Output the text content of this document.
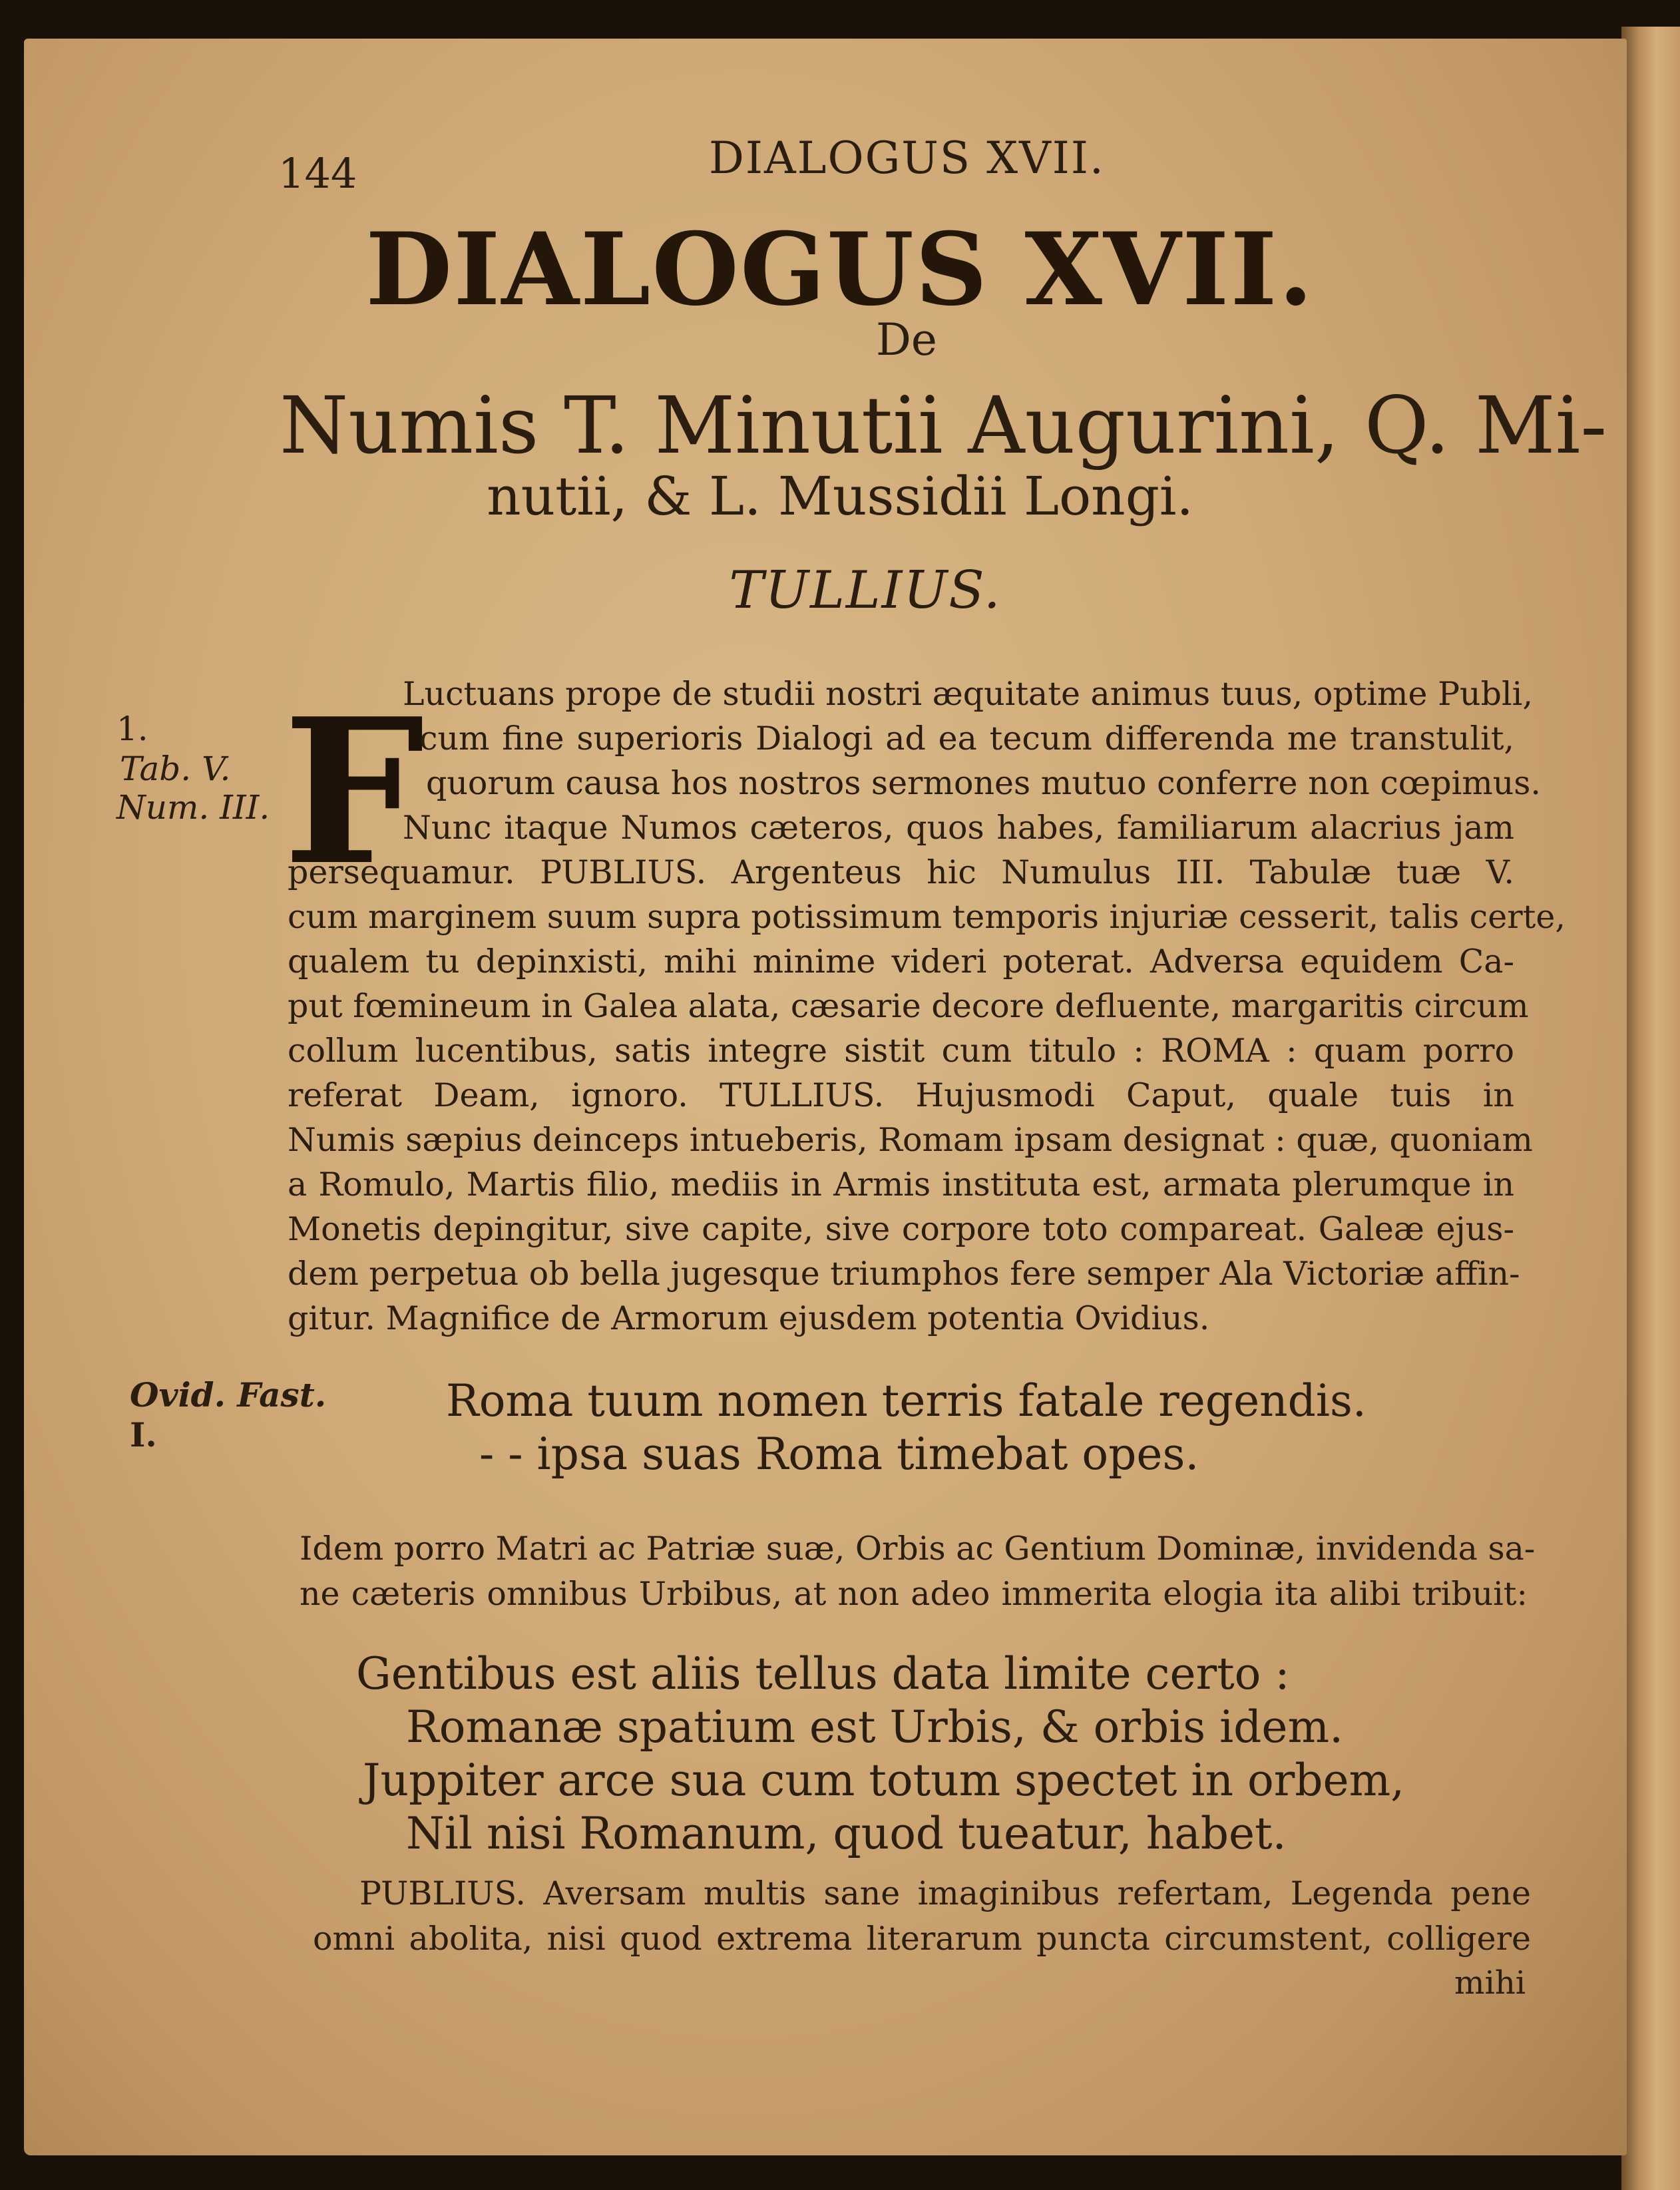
144	DIALOGUS XVII.
DIALOGUS XVII.
De
Numis T. Minutii Augurini, Q. Mi-
nutii, & L. Mussidii Longi.
TULLIUS.
1.
Tab. V.
Num. III.
Ovid. Fast.
I.
F
Luctuans prope de studii nostri æquitate animus tuus, optime Publi,
cum fine superioris Dialogi ad ea tecum differenda me transtulit,
quorum causa hos nostros sermones mutuo conferre non cœpimus.
Nunc itaque Numos cæteros, quos habes, familiarum alacrius jam
persequamur. PUBLIUS. Argenteus hic Numulus III. Tabulæ tuæ V.
cum marginem suum supra potissimum temporis injuriæ cesserit, talis certe,
qualem tu depinxisti, mihi minime videri poterat. Adversa equidem Ca-
put fœmineum in Galea alata, cæsarie decore defluente, margaritis circum
collum lucentibus, satis integre sistit cum titulo : ROMA : quam porro
referat Deam, ignoro. TULLIUS. Hujusmodi Caput, quale tuis in
Numis sæpius deinceps intueberis, Romam ipsam designat : quæ, quoniam
a Romulo, Martis filio, mediis in Armis instituta est, armata plerumque in
Monetis depingitur, sive capite, sive corpore toto compareat. Galeæ ejus-
dem perpetua ob bella jugesque triumphos fere semper Ala Victoriæ affin-
gitur. Magnifice de Armorum ejusdem potentia Ovidius.
Roma tuum nomen terris fatale regendis.
- - ipsa suas Roma timebat opes.
Idem porro Matri ac Patriæ suæ, Orbis ac Gentium Dominæ, invidenda sa-
ne cæteris omnibus Urbibus, at non adeo immerita elogia ita alibi tribuit:
Gentibus est aliis tellus data limite certo :
Romanæ spatium est Urbis, & orbis idem.
Juppiter arce sua cum totum spectet in orbem,
Nil nisi Romanum, quod tueatur, habet.
PUBLIUS. Aversam multis sane imaginibus refertam, Legenda pene
omni abolita, nisi quod extrema literarum puncta circumstent, colligere
mihi
